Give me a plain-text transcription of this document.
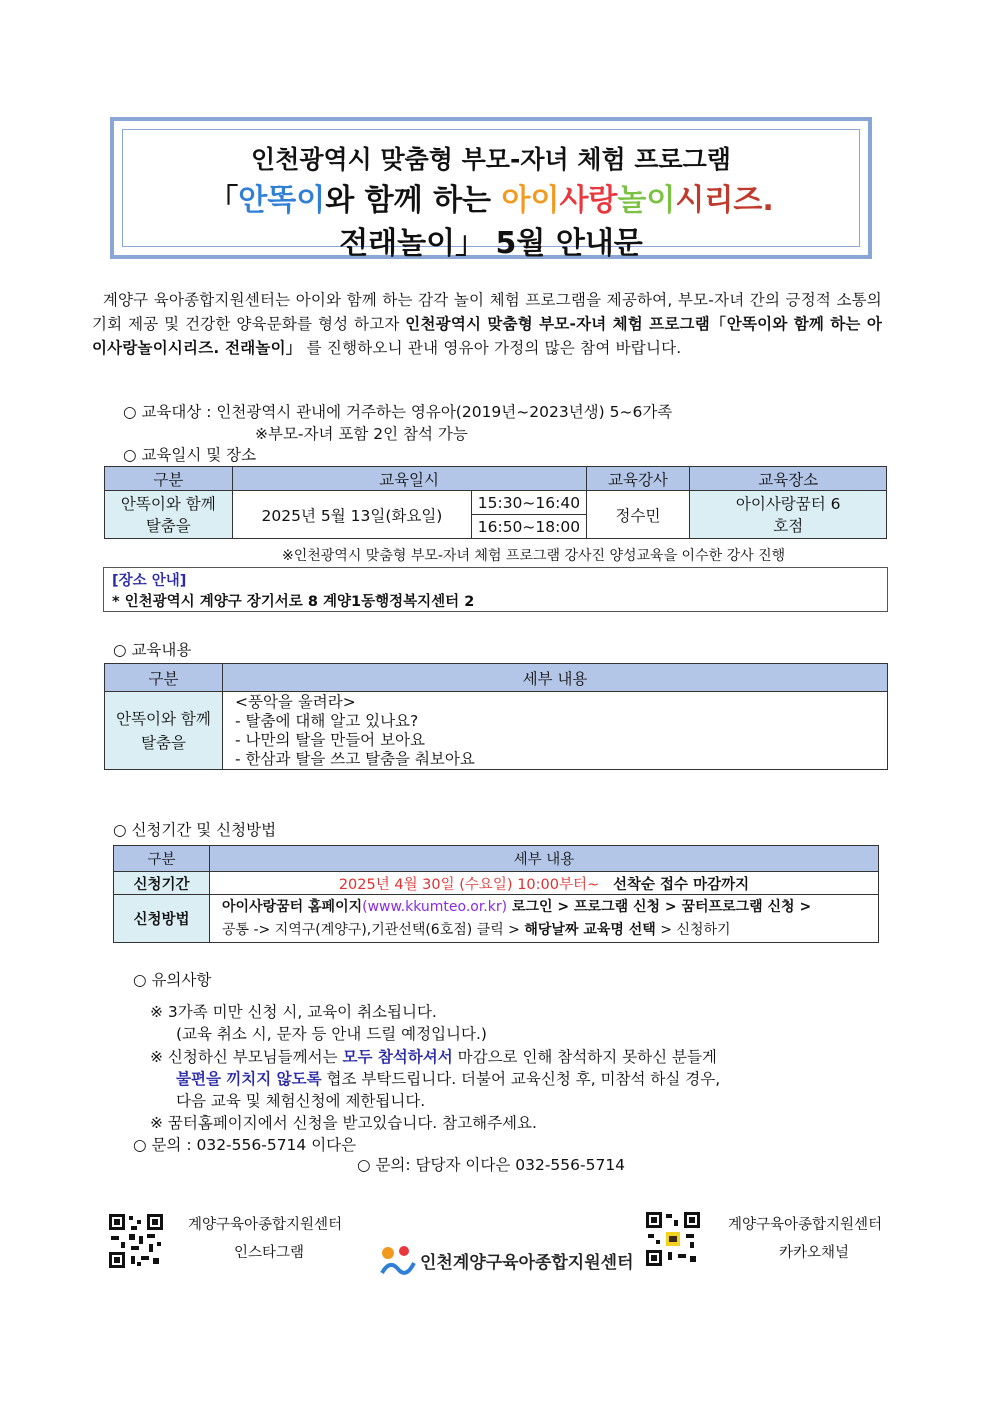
인천광역시 맞춤형 부모-자녀 체험 프로그램
「안똑이와 함께 하는 아이사랑놀이시리즈.
전래놀이」 5월 안내문
계양구 육아종합지원센터는 아이와 함께 하는 감각 놀이 체험 프로그램을 제공하여, 부모-자녀 간의 긍정적 소통의 기회 제공 및 건강한 양육문화를 형성 하고자 인천광역시 맞춤형 부모-자녀 체험 프로그램「안똑이와 함께 하는 아이사랑놀이시리즈. 전래놀이」 를 진행하오니 관내 영유아 가정의 많은 참여 바랍니다.
○ 교육대상 : 인천광역시 관내에 거주하는 영유아(2019년~2023년생) 5~6가족
※부모-자녀 포함 2인 참석 가능
○ 교육일시 및 장소
구분	교육일시		교육강사	교육장소
안똑이와 함께 탈춤을	2025년 5월 13일(화요일)	15:30~16:40	정수민	아이사랑꿈터 6호점
		16:50~18:00		
※인천광역시 맞춤형 부모-자녀 체험 프로그램 강사진 양성교육을 이수한 강사 진행
[장소 안내]
* 인천광역시 계양구 장기서로 8 계양1동행정복지센터 2
○ 교육내용
구분	세부 내용
안똑이와 함께 탈춤을	<풍악을 울려라>
- 탈춤에 대해 알고 있나요?
- 나만의 탈을 만들어 보아요
- 한삼과 탈을 쓰고 탈춤을 춰보아요
○ 신청기간 및 신청방법
구분	세부 내용
신청기간	2025년 4월 30일 (수요일) 10:00부터~ 선착순 접수 마감까지
신청방법	아이사랑꿈터 홈페이지(www.kkumteo.or.kr) 로그인 > 프로그램 신청 > 꿈터프로그램 신청 >
공통 -> 지역구(계양구),기관선택(6호점) 클릭 > 해당날짜 교육명 선택 > 신청하기
○ 유의사항
※ 3가족 미만 신청 시, 교육이 취소됩니다.
(교육 취소 시, 문자 등 안내 드릴 예정입니다.)
※ 신청하신 부모님들께서는 모두 참석하셔서 마감으로 인해 참석하지 못하신 분들게
불편을 끼치지 않도록 협조 부탁드립니다. 더불어 교육신청 후, 미참석 하실 경우,
다음 교육 및 체험신청에 제한됩니다.
※ 꿈터홈페이지에서 신청을 받고있습니다. 참고해주세요.
○ 문의 : 032-556-5714 이다은
○ 문의: 담당자 이다은 032-556-5714
계양구육아종합지원센터
인스타그램	인천계양구육아종합지원센터
계양구육아종합지원센터
카카오채널
